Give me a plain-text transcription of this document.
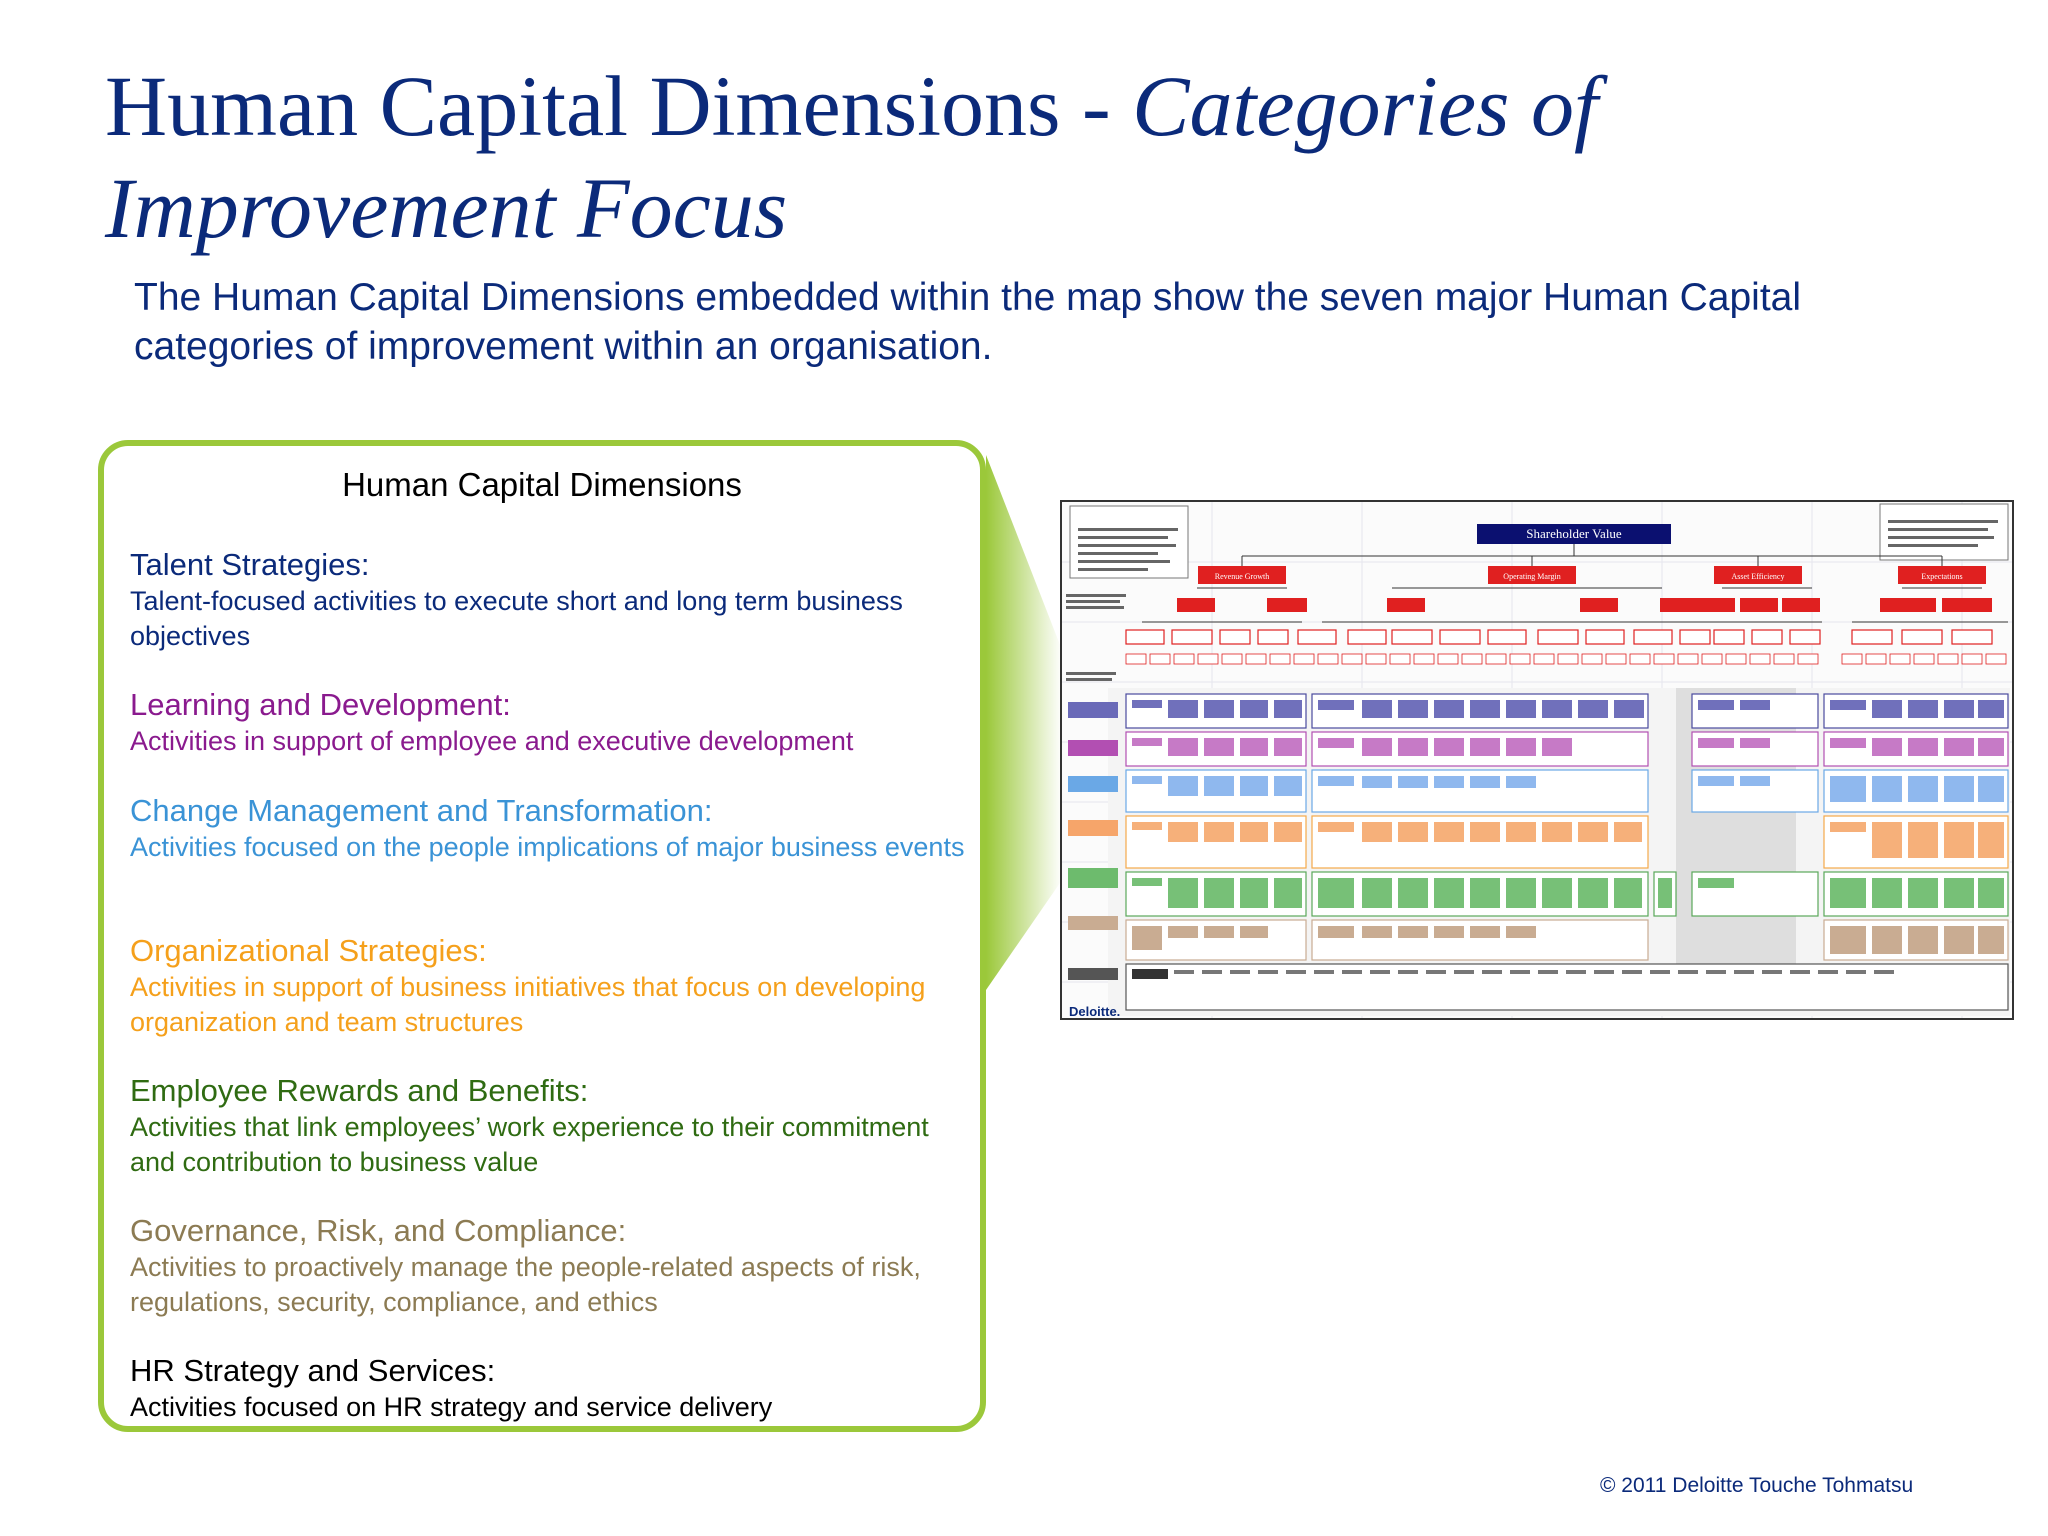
Human Capital Dimensions - Categories of
Improvement Focus
The Human Capital Dimensions embedded within the map show the seven major Human Capital categories of improvement within an organisation.
Human Capital Dimensions
Talent Strategies:
Talent-focused activities to execute short and long term business objectives
Learning and Development:
Activities in support of employee and executive development
Change Management and Transformation:
Activities focused on the people implications of major business events
Organizational Strategies:
Activities in support of business initiatives that focus on developing organization and team structures
Employee Rewards and Benefits:
Activities that link employees’ work experience to their commitment and contribution to business value
Governance, Risk, and Compliance:
Activities to proactively manage the people-related aspects of risk, regulations, security, compliance, and ethics
HR Strategy and Services:
Activities focused on HR strategy and service delivery
Shareholder Value
Revenue Growth	Operating Margin	Asset Efficiency	Expectations
Deloitte.
© 2011 Deloitte Touche Tohmatsu
